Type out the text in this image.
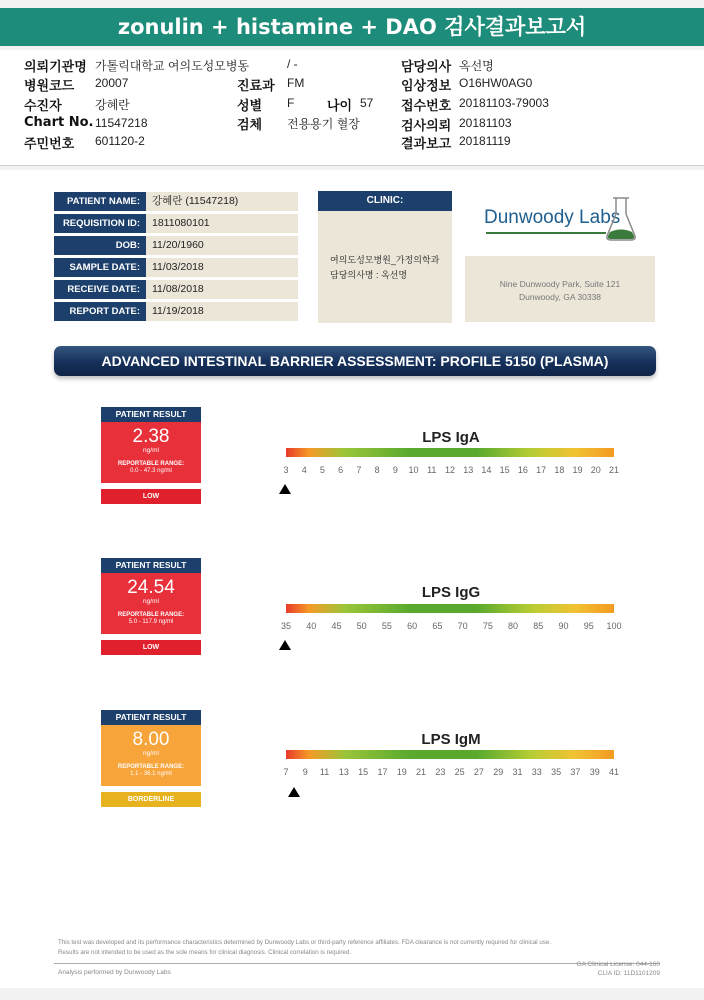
zonulin + histamine + DAO 검사결과보고서
의뢰기관명 가톨릭대학교 여의도성모병동	/ -	담당의사 옥선명
병원코드 20007	진료과 FM	임상정보 O16HW0AG0
수진자	강혜란	성별 F	나이 57 접수번호 20181103-79003
Chart No. 11547218	검체 전용용기 혈장	검사의뢰 20181103
주민번호 601120-2	결과보고 20181119
PATIENT NAME:	강혜란 (11547218)
REQUISITION ID:	1811080101
DOB:	11/20/1960
SAMPLE DATE:	11/03/2018
RECEIVE DATE:	11/08/2018
REPORT DATE:	11/19/2018
CLINIC:
여의도성모병원_가정의학과
담당의사명 : 옥선명
Dunwoody Labs
Nine Dunwoody Park, Suite 121
Dunwoody, GA 30338
ADVANCED INTESTINAL BARRIER ASSESSMENT: PROFILE 5150 (PLASMA)
PATIENT RESULT
2.38
ng/ml
REPORTABLE RANGE:
0.0 - 47.3 ng/ml
LOW
LPS IgA
3 4 5 6 7 8 9 10 11 12 13 14 15 16 17 18 19 20 21
PATIENT RESULT
24.54
ng/ml
REPORTABLE RANGE:
5.0 - 117.9 ng/ml
LOW
LPS IgG
35 40 45 50 55 60 65 70 75 80 85 90 95 100
PATIENT RESULT
8.00
ng/ml
REPORTABLE RANGE:
1.1 - 36.1 ng/ml
BORDERLINE
LPS IgM
7 9 11 13 15 17 19 21 23 25 27 29 31 33 35 37 39 41
This test was developed and its performance characteristics determined by Dunwoody Labs or third-party reference affiliates. FDA clearance is not currently required for clinical use.
Results are not intended to be used as the sole means for clinical diagnosis. Clinical correlation is required.
Analysis performed by Dunwoody Labs
GA Clinical License: 044-160
CLIA ID: 11D1101209
